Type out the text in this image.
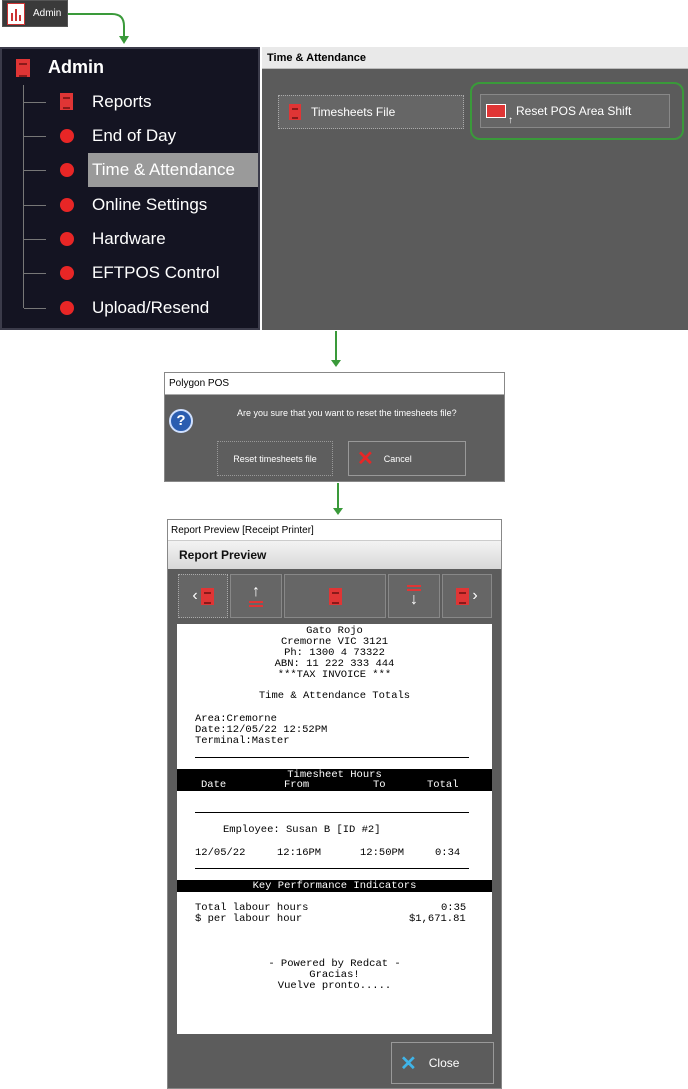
Admin
Admin
Reports
End of Day
Time & Attendance
Online Settings
Hardware
EFTPOS Control
Upload/Resend
Time & Attendance
Timesheets File
↑	Reset POS Area Shift
Polygon POS
?	Are you sure that you want to reset the timesheets file?
Reset timesheets file ✕ Cancel
Report Preview [Receipt Printer]
Report Preview
‹	↑	↓	›
Gato Rojo
Cremorne VIC 3121
Ph: 1300 4 73322
ABN: 11 222 333 444
***TAX INVOICE ***
Time & Attendance Totals
Area:Cremorne
Date:12/05/22 12:52PM
Terminal:Master
Timesheet Hours
Date	From	To	Total
Employee: Susan B [ID #2]
12/05/22	12:16PM	12:50PM	0:34
Key Performance Indicators
Total labour hours	0:35
$ per labour hour	$1,671.81
- Powered by Redcat -
Gracias!
Vuelve pronto.....
✕ Close
